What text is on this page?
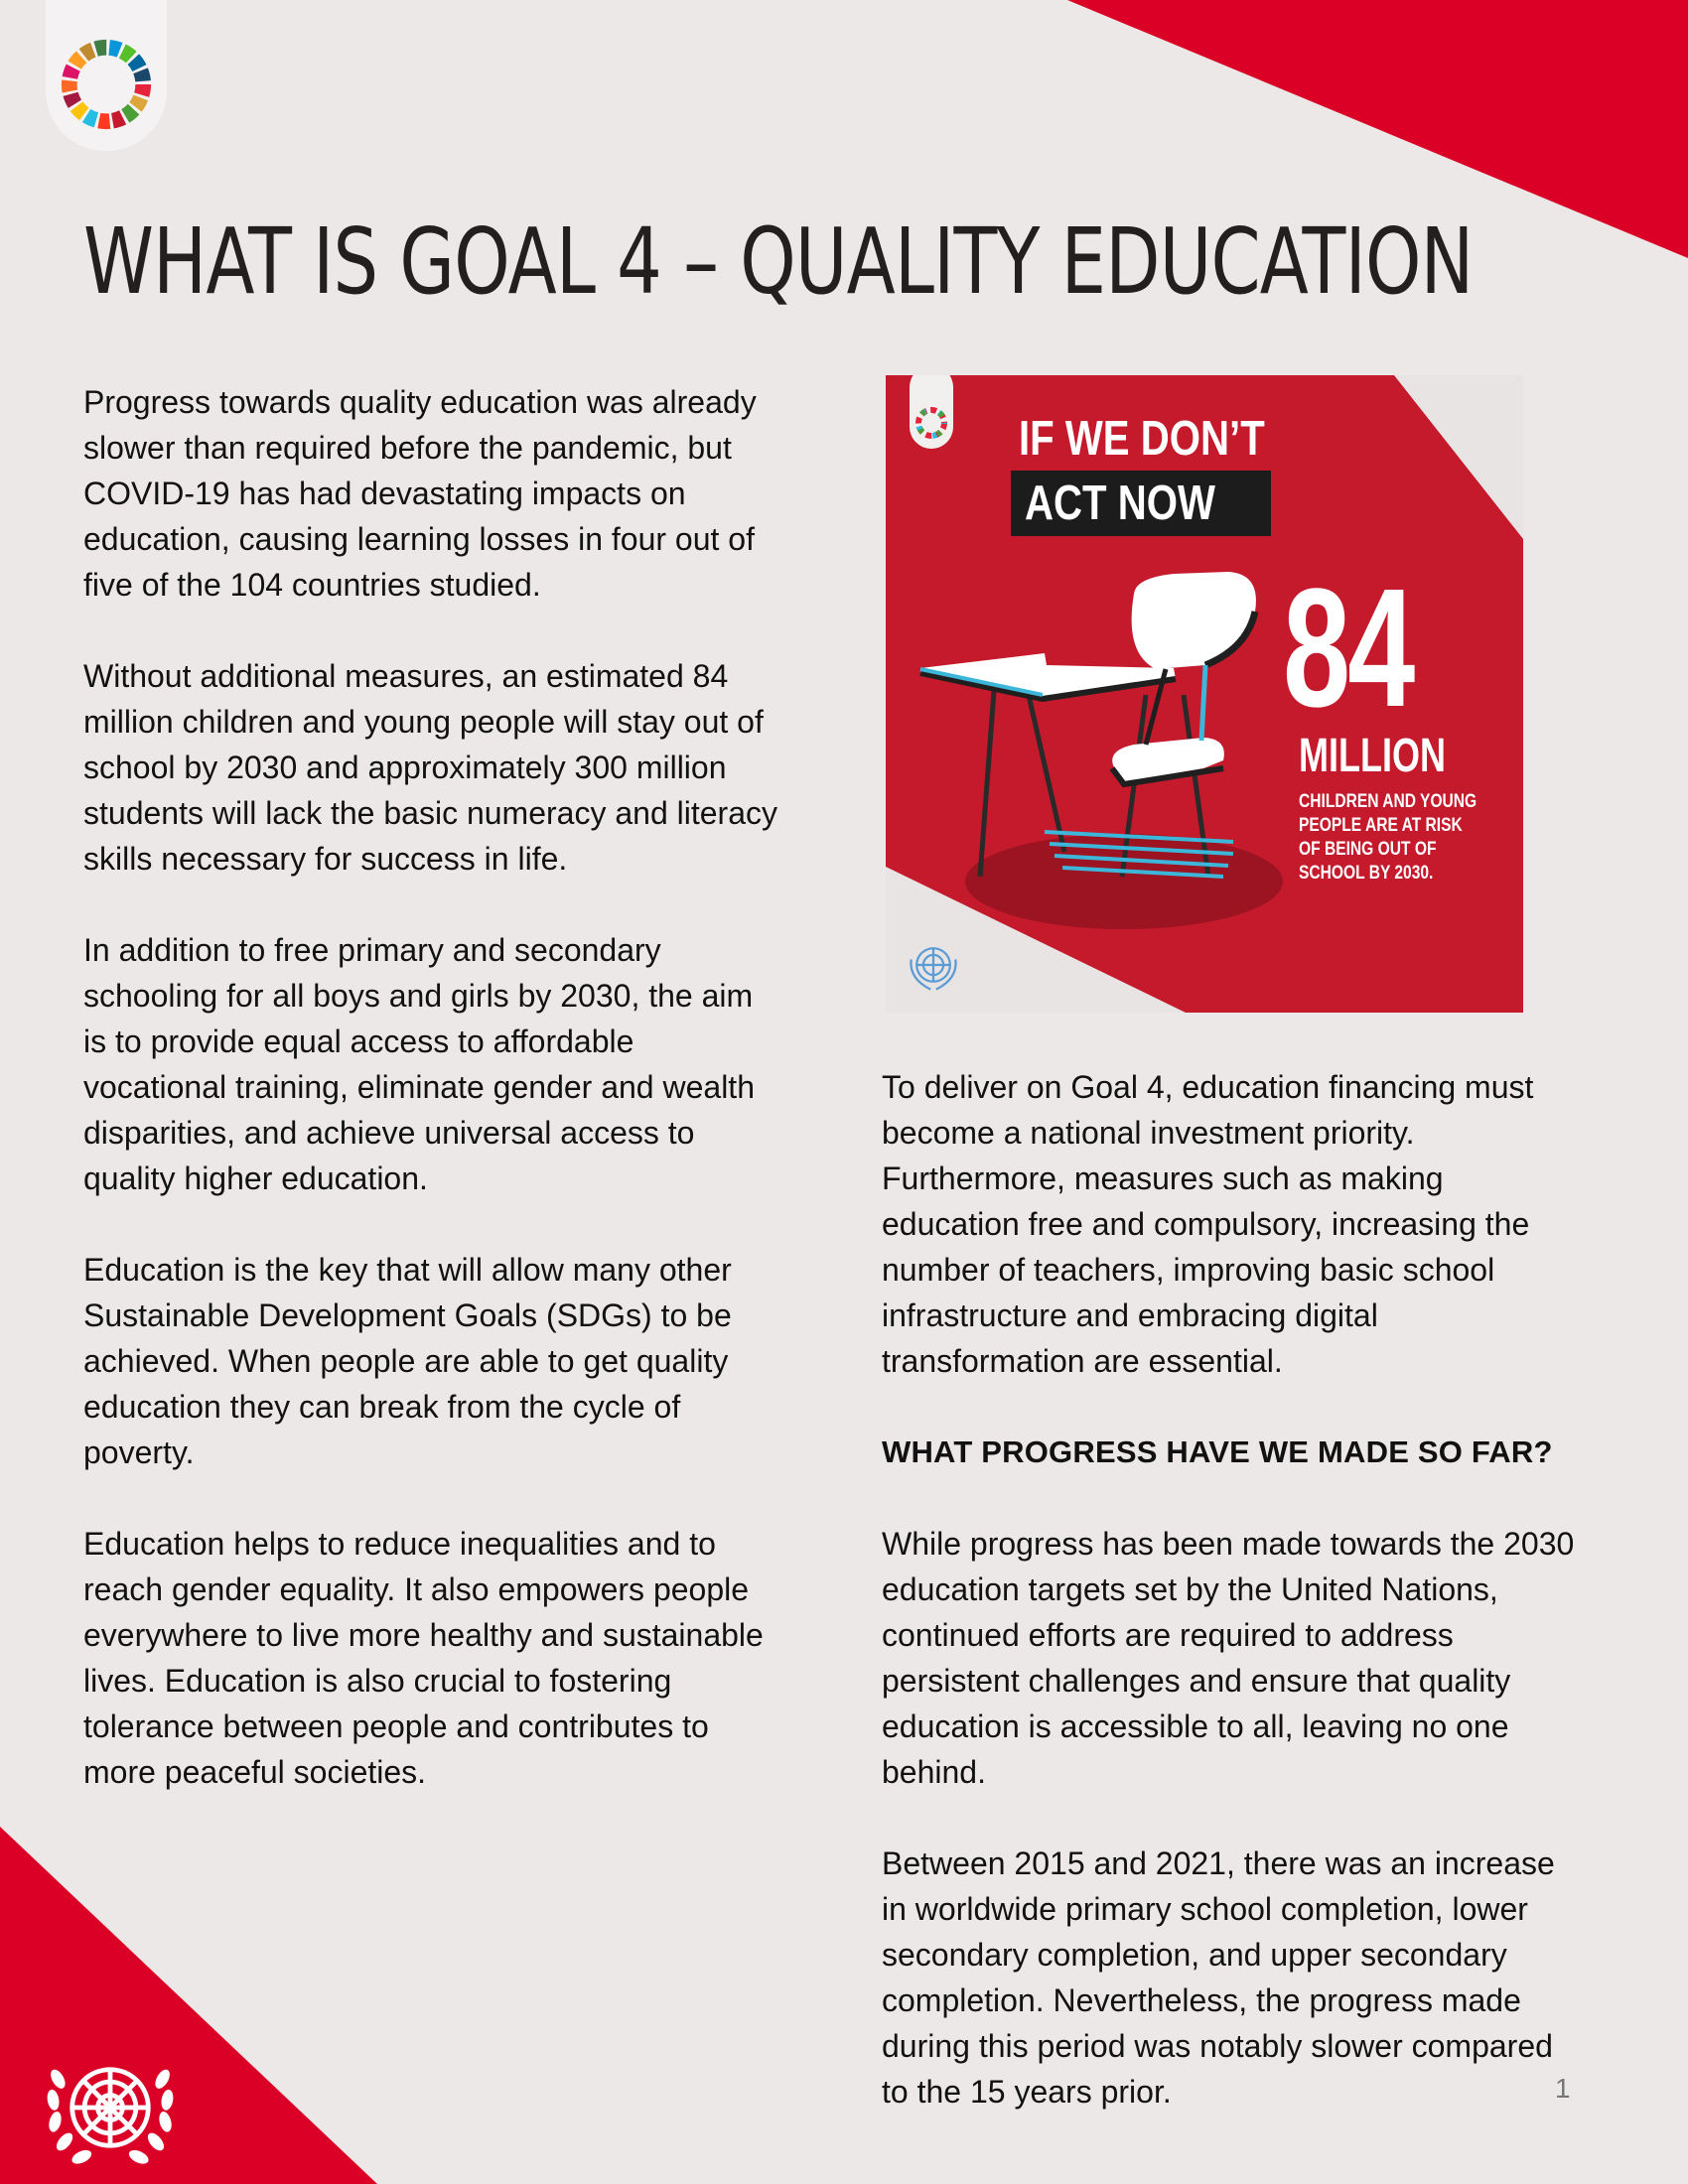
WHAT IS GOAL 4 – QUALITY EDUCATION

Progress towards quality education was already slower than required before the pandemic, but COVID-19 has had devastating impacts on education, causing learning losses in four out of five of the 104 countries studied.

Without additional measures, an estimated 84 million children and young people will stay out of school by 2030 and approximately 300 million students will lack the basic numeracy and literacy skills necessary for success in life.

In addition to free primary and secondary schooling for all boys and girls by 2030, the aim is to provide equal access to affordable vocational training, eliminate gender and wealth disparities, and achieve universal access to quality higher education.

Education is the key that will allow many other Sustainable Development Goals (SDGs) to be achieved. When people are able to get quality education they can break from the cycle of poverty.

Education helps to reduce inequalities and to reach gender equality. It also empowers people everywhere to live more healthy and sustainable lives. Education is also crucial to fostering tolerance between people and contributes to more peaceful societies.

IF WE DON’T
ACT NOW
84
MILLION
CHILDREN AND YOUNG PEOPLE ARE AT RISK OF BEING OUT OF SCHOOL BY 2030.

To deliver on Goal 4, education financing must become a national investment priority. Furthermore, measures such as making education free and compulsory, increasing the number of teachers, improving basic school infrastructure and embracing digital transformation are essential.

WHAT PROGRESS HAVE WE MADE SO FAR?

While progress has been made towards the 2030 education targets set by the United Nations, continued efforts are required to address persistent challenges and ensure that quality education is accessible to all, leaving no one behind.

Between 2015 and 2021, there was an increase in worldwide primary school completion, lower secondary completion, and upper secondary completion. Nevertheless, the progress made during this period was notably slower compared to the 15 years prior.	1
